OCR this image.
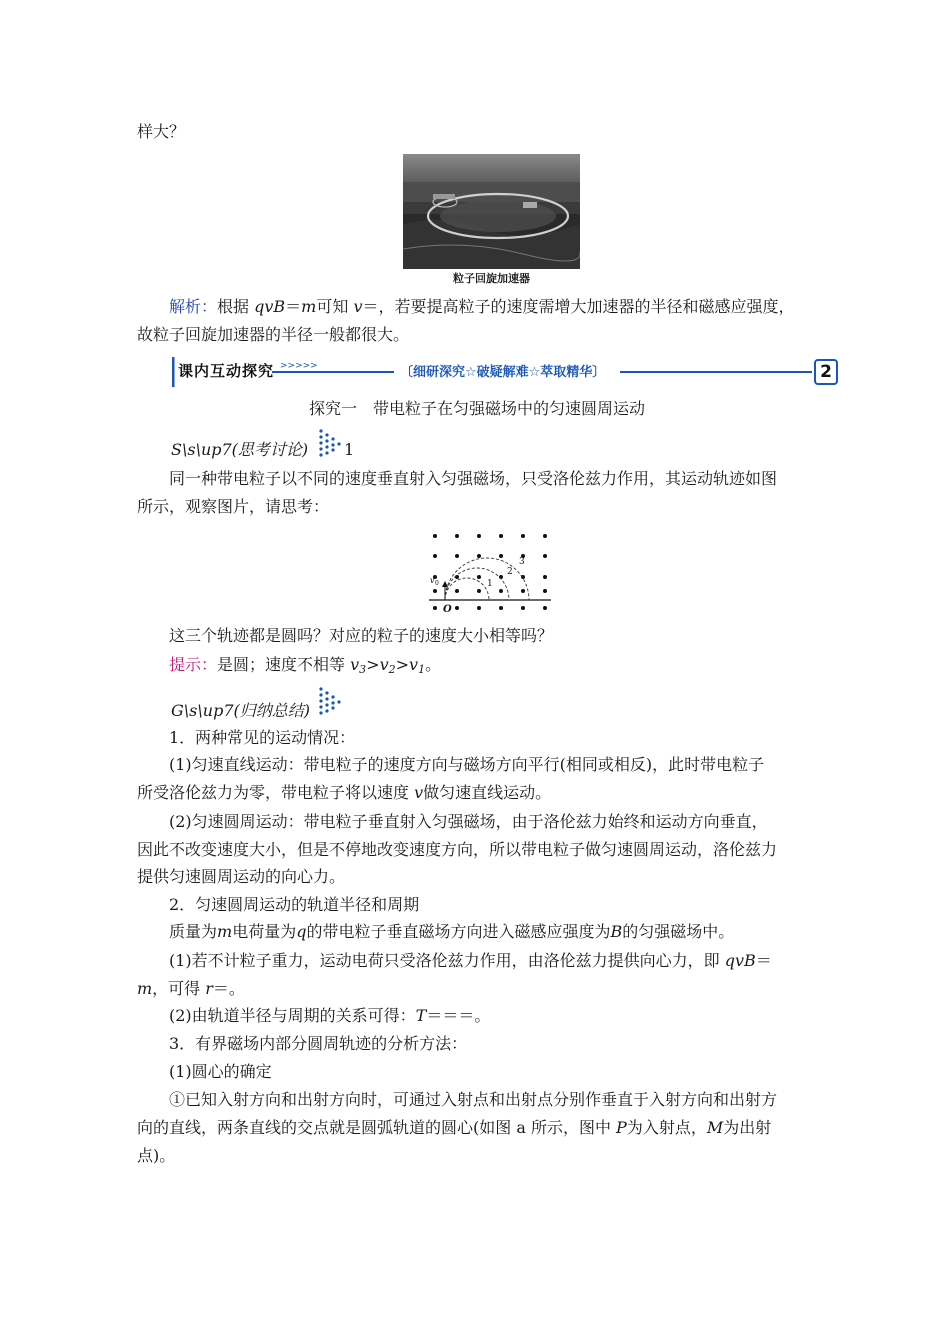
样大？
粒子回旋加速器
解析：根据 qvB＝m可知 v＝，若要提高粒子的速度需增大加速器的半径和磁感应强度，
故粒子回旋加速器的半径一般都很大。
>>>>>
课内互动探究	〔细研深究☆破疑解难☆萃取精华〕	2
探究一　带电粒子在匀强磁场中的匀速圆周运动
S\s\up7(思考讨论) 1
同一种带电粒子以不同的速度垂直射入匀强磁场，只受洛伦兹力作用，其运动轨迹如图
所示，观察图片，请思考：
O
v 0	1
2
3
这三个轨迹都是圆吗？对应的粒子的速度大小相等吗？
提示：是圆；速度不相等 $v_3>v_2>v_1$。
G\s\up7(归纳总结)
1．两种常见的运动情况：
(1)匀速直线运动：带电粒子的速度方向与磁场方向平行(相同或相反)，此时带电粒子
所受洛伦兹力为零，带电粒子将以速度 v做匀速直线运动。
(2)匀速圆周运动：带电粒子垂直射入匀强磁场，由于洛伦兹力始终和运动方向垂直，
因此不改变速度大小，但是不停地改变速度方向，所以带电粒子做匀速圆周运动，洛伦兹力
提供匀速圆周运动的向心力。
2．匀速圆周运动的轨道半径和周期
质量为m电荷量为q的带电粒子垂直磁场方向进入磁感应强度为B的匀强磁场中。
(1)若不计粒子重力，运动电荷只受洛伦兹力作用，由洛伦兹力提供向心力，即 qvB＝
m，可得 r＝。
(2)由轨道半径与周期的关系可得：T＝＝＝。
3．有界磁场内部分圆周轨迹的分析方法：
(1)圆心的确定
①已知入射方向和出射方向时，可通过入射点和出射点分别作垂直于入射方向和出射方
向的直线，两条直线的交点就是圆弧轨道的圆心(如图 a 所示，图中 P为入射点，M为出射
点)。
